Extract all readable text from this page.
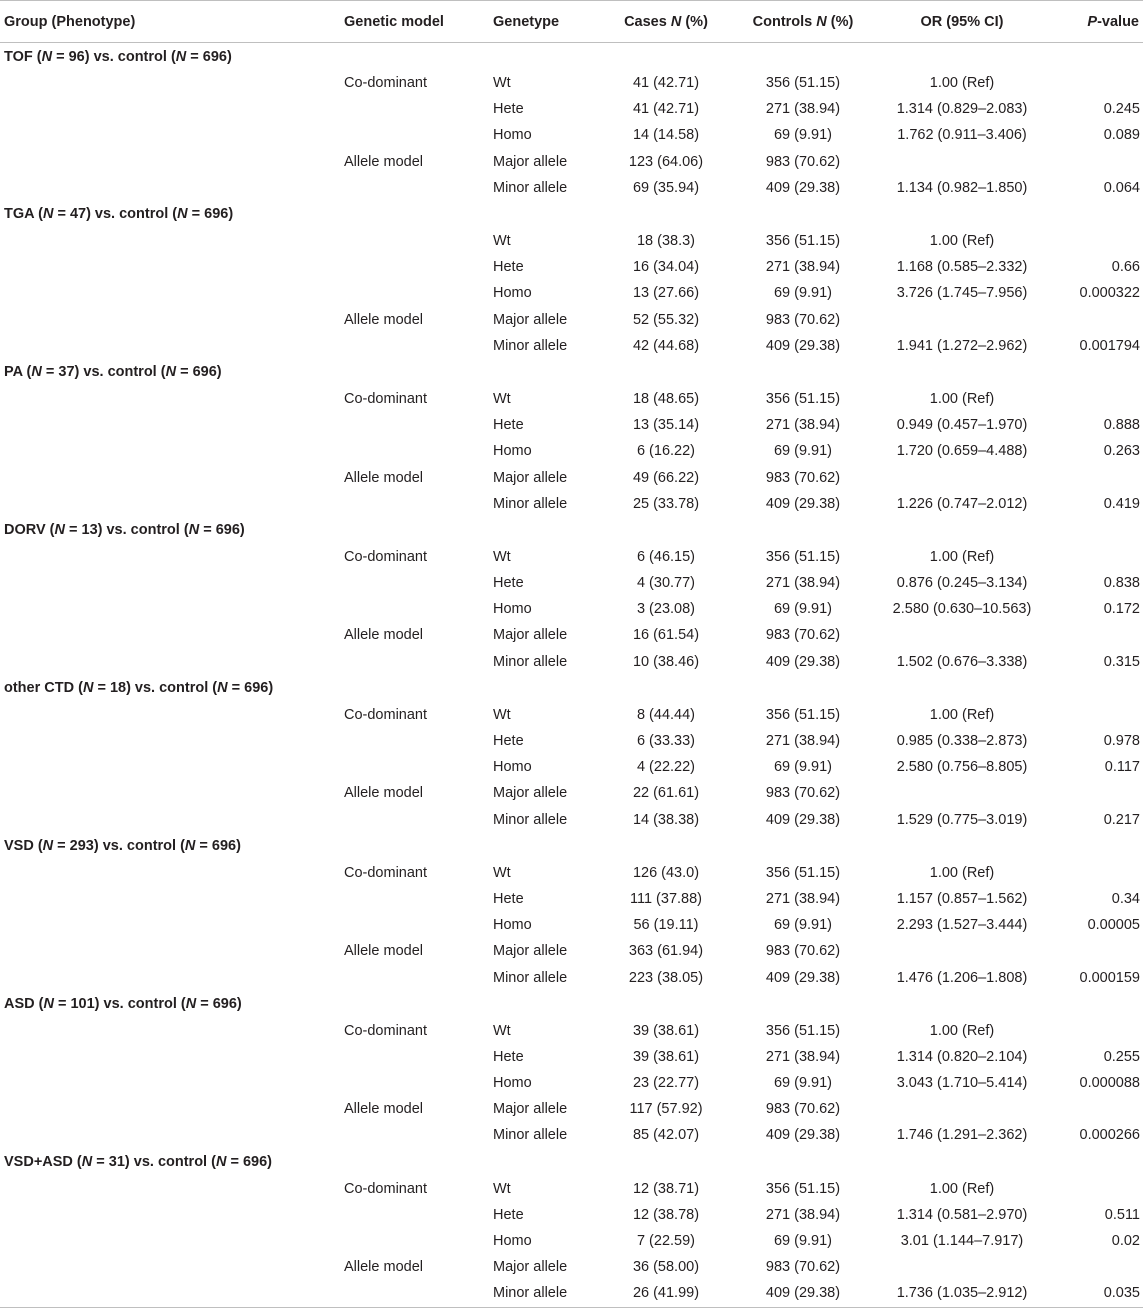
Group (Phenotype)	Genetic model	Genetype	Cases N (%)	Controls N (%)	OR (95% CI)	P-value
TOF (N = 96) vs. control (N = 696)						
	Co-dominant	Wt	41 (42.71)	356 (51.15)	1.00 (Ref)	
		Hete	41 (42.71)	271 (38.94)	1.314 (0.829–2.083)	0.245
		Homo	14 (14.58)	69 (9.91)	1.762 (0.911–3.406)	0.089
	Allele model	Major allele	123 (64.06)	983 (70.62)		
		Minor allele	69 (35.94)	409 (29.38)	1.134 (0.982–1.850)	0.064
TGA (N = 47) vs. control (N = 696)						
		Wt	18 (38.3)	356 (51.15)	1.00 (Ref)	
		Hete	16 (34.04)	271 (38.94)	1.168 (0.585–2.332)	0.66
		Homo	13 (27.66)	69 (9.91)	3.726 (1.745–7.956)	0.000322
	Allele model	Major allele	52 (55.32)	983 (70.62)		
		Minor allele	42 (44.68)	409 (29.38)	1.941 (1.272–2.962)	0.001794
PA (N = 37) vs. control (N = 696)						
	Co-dominant	Wt	18 (48.65)	356 (51.15)	1.00 (Ref)	
		Hete	13 (35.14)	271 (38.94)	0.949 (0.457–1.970)	0.888
		Homo	6 (16.22)	69 (9.91)	1.720 (0.659–4.488)	0.263
	Allele model	Major allele	49 (66.22)	983 (70.62)		
		Minor allele	25 (33.78)	409 (29.38)	1.226 (0.747–2.012)	0.419
DORV (N = 13) vs. control (N = 696)						
	Co-dominant	Wt	6 (46.15)	356 (51.15)	1.00 (Ref)	
		Hete	4 (30.77)	271 (38.94)	0.876 (0.245–3.134)	0.838
		Homo	3 (23.08)	69 (9.91)	2.580 (0.630–10.563)	0.172
	Allele model	Major allele	16 (61.54)	983 (70.62)		
		Minor allele	10 (38.46)	409 (29.38)	1.502 (0.676–3.338)	0.315
other CTD (N = 18) vs. control (N = 696)						
	Co-dominant	Wt	8 (44.44)	356 (51.15)	1.00 (Ref)	
		Hete	6 (33.33)	271 (38.94)	0.985 (0.338–2.873)	0.978
		Homo	4 (22.22)	69 (9.91)	2.580 (0.756–8.805)	0.117
	Allele model	Major allele	22 (61.61)	983 (70.62)		
		Minor allele	14 (38.38)	409 (29.38)	1.529 (0.775–3.019)	0.217
VSD (N = 293) vs. control (N = 696)						
	Co-dominant	Wt	126 (43.0)	356 (51.15)	1.00 (Ref)	
		Hete	111 (37.88)	271 (38.94)	1.157 (0.857–1.562)	0.34
		Homo	56 (19.11)	69 (9.91)	2.293 (1.527–3.444)	0.00005
	Allele model	Major allele	363 (61.94)	983 (70.62)		
		Minor allele	223 (38.05)	409 (29.38)	1.476 (1.206–1.808)	0.000159
ASD (N = 101) vs. control (N = 696)						
	Co-dominant	Wt	39 (38.61)	356 (51.15)	1.00 (Ref)	
		Hete	39 (38.61)	271 (38.94)	1.314 (0.820–2.104)	0.255
		Homo	23 (22.77)	69 (9.91)	3.043 (1.710–5.414)	0.000088
	Allele model	Major allele	117 (57.92)	983 (70.62)		
		Minor allele	85 (42.07)	409 (29.38)	1.746 (1.291–2.362)	0.000266
VSD+ASD (N = 31) vs. control (N = 696)						
	Co-dominant	Wt	12 (38.71)	356 (51.15)	1.00 (Ref)	
		Hete	12 (38.78)	271 (38.94)	1.314 (0.581–2.970)	0.511
		Homo	7 (22.59)	69 (9.91)	3.01 (1.144–7.917)	0.02
	Allele model	Major allele	36 (58.00)	983 (70.62)		
		Minor allele	26 (41.99)	409 (29.38)	1.736 (1.035–2.912)	0.035
